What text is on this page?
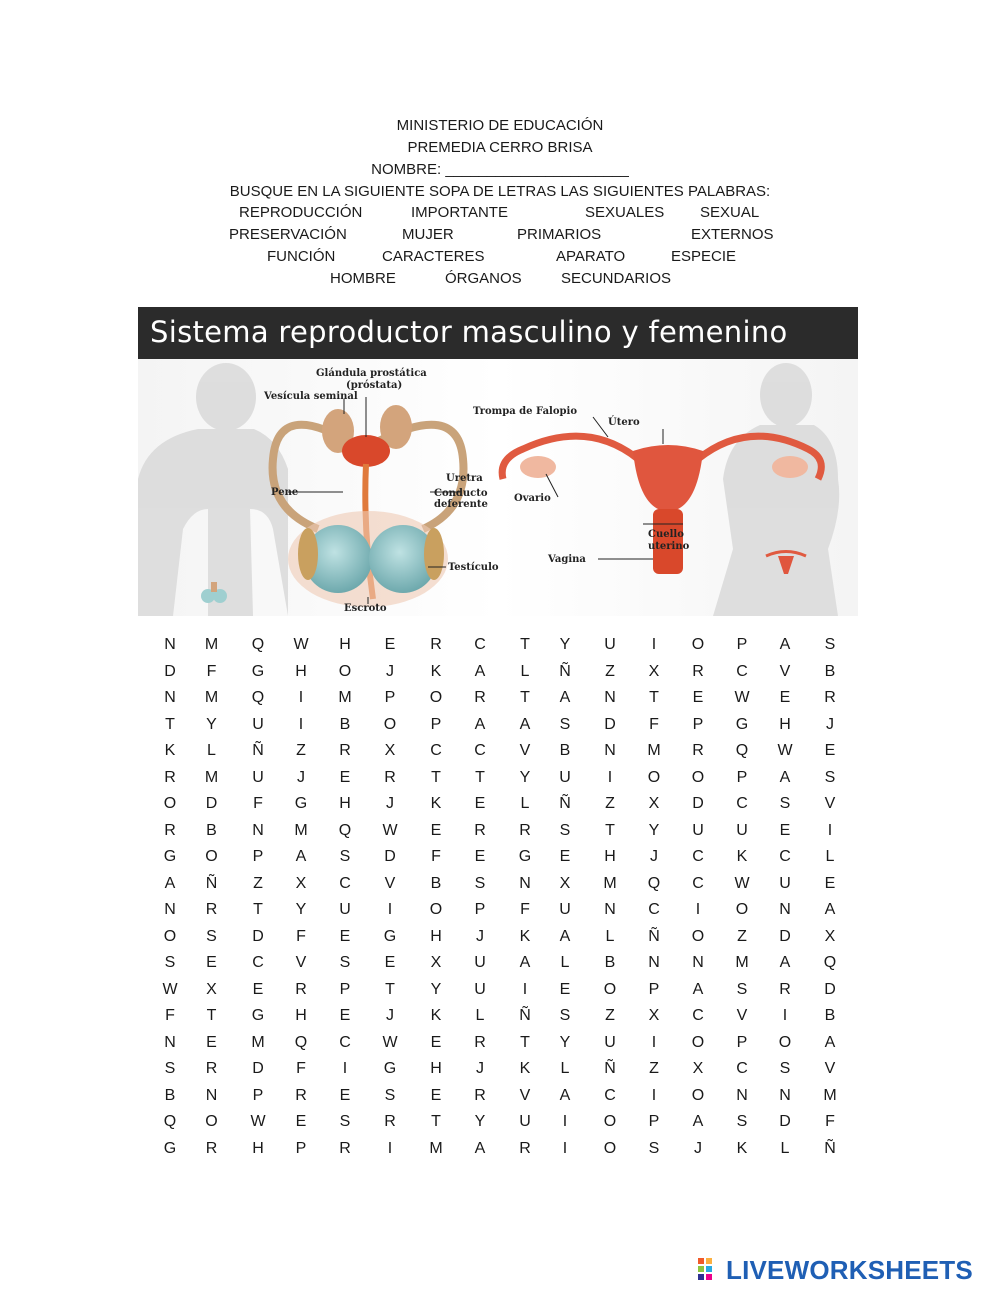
MINISTERIO DE EDUCACIÓN
PREMEDIA CERRO BRISA
NOMBRE: ______________________
BUSQUE EN LA SIGUIENTE SOPA DE LETRAS LAS SIGUIENTES PALABRAS:
REPRODUCCIÓN	IMPORTANTE	SEXUALES SEXUAL
PRESERVACIÓN	MUJER	PRIMARIOS	EXTERNOS
FUNCIÓN	CARACTERES	APARATO	ESPECIE
HOMBRE	ÓRGANOS	SECUNDARIOS
Sistema reproductor masculino y femenino
Glándula prostática
(próstata)
Vesícula seminal
Pene	Conducto
deferente
Uretra
Testículo
Escroto
Trompa de Falopio
Útero
Ovario
Cuello
uterino
Vagina
N	M	Q	W	H	E	R	C	T	Y	U	I	O	P	A	S
D	F	G	H	O	J	K	A	L	Ñ	Z	X	R	C	V	B
N	M	Q	I	M	P	O	R	T	A	N	T	E	W	E	R
T	Y	U	I	B	O	P	A	A	S	D	F	P	G	H	J
K	L	Ñ	Z	R	X	C	C	V	B	N	M	R	Q	W	E
R	M	U	J	E	R	T	T	Y	U	I	O	O	P	A	S
O	D	F	G	H	J	K	E	L	Ñ	Z	X	D	C	S	V
R	B	N	M	Q	W	E	R	R	S	T	Y	U	U	E	I
G	O	P	A	S	D	F	E	G	E	H	J	C	K	C	L
A	Ñ	Z	X	C	V	B	S	N	X	M	Q	C	W	U	E
N	R	T	Y	U	I	O	P	F	U	N	C	I	O	N	A
O	S	D	F	E	G	H	J	K	A	L	Ñ	O	Z	D	X
S	E	C	V	S	E	X	U	A	L	B	N	N	M	A	Q
W	X	E	R	P	T	Y	U	I	E	O	P	A	S	R	D
F	T	G	H	E	J	K	L	Ñ	S	Z	X	C	V	I	B
N	E	M	Q	C	W	E	R	T	Y	U	I	O	P	O	A
S	R	D	F	I	G	H	J	K	L	Ñ	Z	X	C	S	V
B	N	P	R	E	S	E	R	V	A	C	I	O	N	N	M
Q	O	W	E	S	R	T	Y	U	I	O	P	A	S	D	F
G	R	H	P	R	I	M	A	R	I	O	S	J	K	L	Ñ
LIVEWORKSHEETS
